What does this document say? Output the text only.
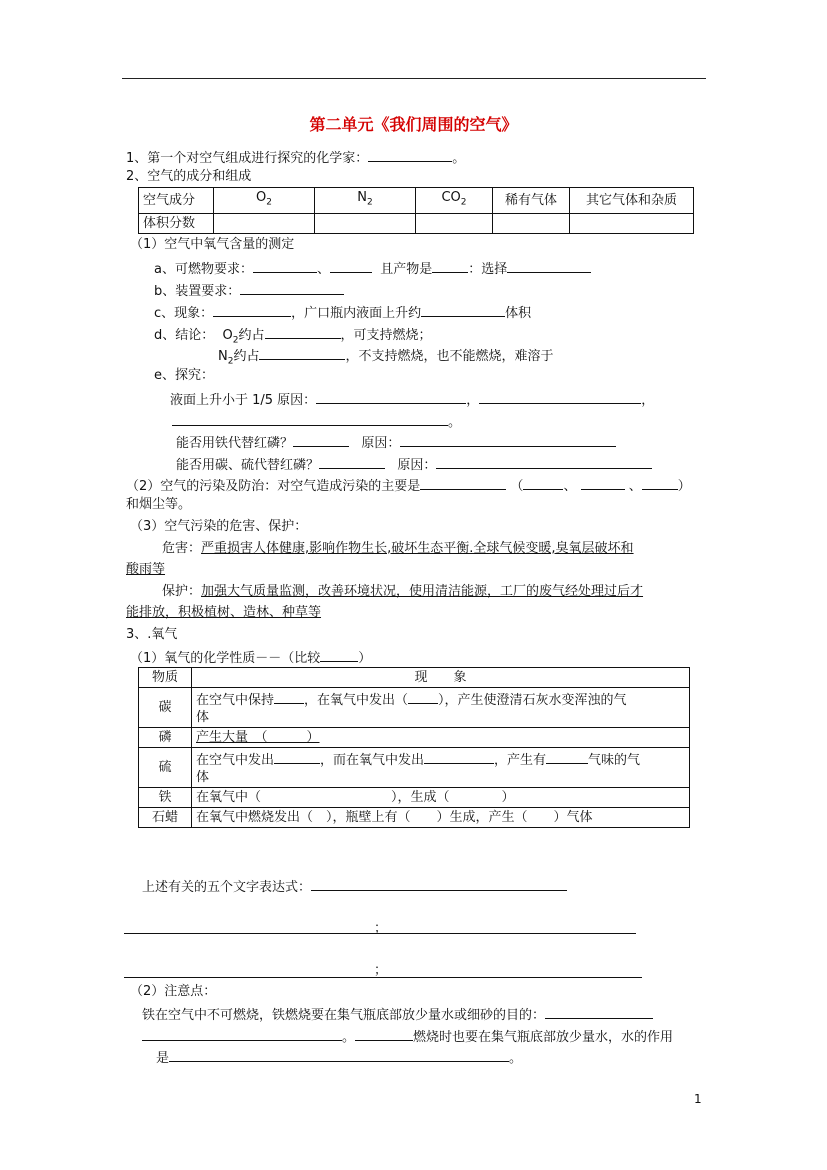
第二单元《我们周围的空气》
1、第一个对空气组成进行探究的化学家：	。
2、空气的成分和组成
空气成分	$O_2$	$N_2$	$CO_2$	稀有气体	其它气体和杂质
体积分数					
（1）空气中氧气含量的测定
a、可燃物要求：	、	且产物是	：选择
b、装置要求：
c、现象：	，广口瓶内液面上升约	体积
d、结论： $O_2$约占	，可支持燃烧；
$N_2$约占	，不支持燃烧，也不能燃烧，难溶于
e、探究：
液面上升小于 1/5 原因：	，	，
。
能否用铁代替红磷？	原因：
能否用碳、硫代替红磷？	原因：
（2）空气的污染及防治：对空气造成污染的主要是	（	、	、	）
和烟尘等。
（3）空气污染的危害、保护：
危害：严重损害人体健康,影响作物生长,破坏生态平衡.全球气候变暖,臭氧层破坏和
酸雨等
保护：加强大气质量监测，改善环境状况，使用清洁能源，工厂的废气经处理过后才
能排放，积极植树、造林、种草等
3、.氧气
（1）氧气的化学性质－－（比较	）
物质	现　　象
碳	在空气中保持 ，在氧气中发出（ ），产生使澄清石灰水变浑浊的气
体
磷	产生大量　（　　　）
硫	在空气中发出 ，而在氧气中发出 ，产生有 气味的气
体
铁	在氧气中（　　　　　　　　　　），生成（　　　　）
石蜡	在氧气中燃烧发出（　），瓶壁上有（　　）生成，产生（　　）气体
上述有关的五个文字表达式：
；
；
（2）注意点：
铁在空气中不可燃烧，铁燃烧要在集气瓶底部放少量水或细砂的目的：
。	燃烧时也要在集气瓶底部放少量水，水的作用
是	。
1
